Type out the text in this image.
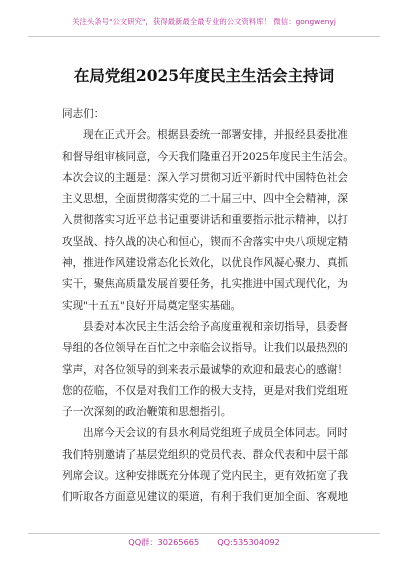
关注头条号"公文研究"，获得最新最全最专业的公文资料库！ 微信：gongwenyj
在局党组2025年度民主生活会主持词
同志们：
现在正式开会。根据县委统一部署安排，并报经县委批准
和督导组审核同意，今天我们隆重召开2025年度民主生活会。
本次会议的主题是：深入学习贯彻习近平新时代中国特色社会
主义思想，全面贯彻落实党的二十届三中、四中全会精神，深
入贯彻落实习近平总书记重要讲话和重要指示批示精神，以打
攻坚战、持久战的决心和恒心，锲而不舍落实中央八项规定精
神，推进作风建设常态化长效化，以优良作风凝心聚力、真抓
实干，聚焦高质量发展首要任务，扎实推进中国式现代化，为
实现"十五五"良好开局奠定坚实基础。
县委对本次民主生活会给予高度重视和亲切指导，县委督
导组的各位领导在百忙之中亲临会议指导。让我们以最热烈的
掌声，对各位领导的到来表示最诚挚的欢迎和最衷心的感谢！
您的莅临，不仅是对我们工作的极大支持，更是对我们党组班
子一次深刻的政治鞭策和思想指引。
出席今天会议的有县水利局党组班子成员全体同志。同时
我们特别邀请了基层党组织的党员代表、群众代表和中层干部
列席会议。这种安排既充分体现了党内民主，更有效拓宽了我
们听取各方面意见建议的渠道，有利于我们更加全面、客观地
QQ群：30265665 QQ:535304092
